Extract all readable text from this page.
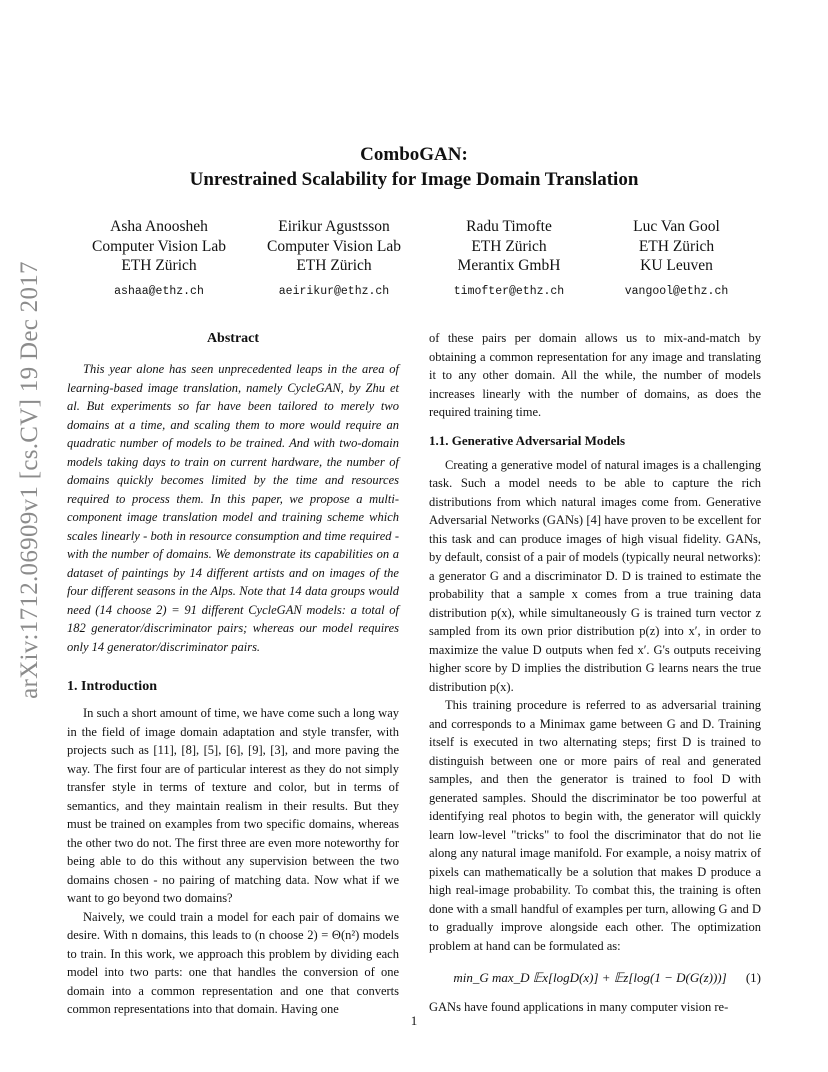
arXiv:1712.06909v1 [cs.CV] 19 Dec 2017
ComboGAN:
Unrestrained Scalability for Image Domain Translation
Asha Anoosheh
Computer Vision Lab
ETH Zürich
ashaa@ethz.ch
Eirikur Agustsson
Computer Vision Lab
ETH Zürich
aeirikur@ethz.ch
Radu Timofte
ETH Zürich
Merantix GmbH
timofter@ethz.ch
Luc Van Gool
ETH Zürich
KU Leuven
vangool@ethz.ch
Abstract

This year alone has seen unprecedented leaps in the area of learning-based image translation, namely CycleGAN, by Zhu et al. But experiments so far have been tailored to merely two domains at a time, and scaling them to more would require an quadratic number of models to be trained. And with two-domain models taking days to train on current hardware, the number of domains quickly becomes limited by the time and resources required to process them. In this paper, we propose a multi-component image translation model and training scheme which scales linearly - both in resource consumption and time required - with the number of domains. We demonstrate its capabilities on a dataset of paintings by 14 different artists and on images of the four different seasons in the Alps. Note that 14 data groups would need (14 choose 2) = 91 different CycleGAN models: a total of 182 generator/discriminator pairs; whereas our model requires only 14 generator/discriminator pairs.

1. Introduction

In such a short amount of time, we have come such a long way in the field of image domain adaptation and style transfer, with projects such as [11], [8], [5], [6], [9], [3], and more paving the way. The first four are of particular interest as they do not simply transfer style in terms of texture and color, but in terms of semantics, and they maintain realism in their results. But they must be trained on examples from two specific domains, whereas the other two do not. The first three are even more noteworthy for being able to do this without any supervision between the two domains chosen - no pairing of matching data. Now what if we want to go beyond two domains?

Naively, we could train a model for each pair of domains we desire. With n domains, this leads to (n choose 2) = Θ(n²) models to train. In this work, we approach this problem by dividing each model into two parts: one that handles the conversion of one domain into a common representation and one that converts common representations into that domain. Having one

of these pairs per domain allows us to mix-and-match by obtaining a common representation for any image and translating it to any other domain. All the while, the number of models increases linearly with the number of domains, as does the required training time.

1.1. Generative Adversarial Models

Creating a generative model of natural images is a challenging task. Such a model needs to be able to capture the rich distributions from which natural images come from. Generative Adversarial Networks (GANs) [4] have proven to be excellent for this task and can produce images of high visual fidelity. GANs, by default, consist of a pair of models (typically neural networks): a generator G and a discriminator D. D is trained to estimate the probability that a sample x comes from a true training data distribution p(x), while simultaneously G is trained turn vector z sampled from its own prior distribution p(z) into x′, in order to maximize the value D outputs when fed x′. G's outputs receiving higher score by D implies the distribution G learns nears the true distribution p(x).

This training procedure is referred to as adversarial training and corresponds to a Minimax game between G and D. Training itself is executed in two alternating steps; first D is trained to distinguish between one or more pairs of real and generated samples, and then the generator is trained to fool D with generated samples. Should the discriminator be too powerful at identifying real photos to begin with, the generator will quickly learn low-level "tricks" to fool the discriminator that do not lie along any natural image manifold. For example, a noisy matrix of pixels can mathematically be a solution that makes D produce a high real-image probability. To combat this, the training is often done with a small handful of examples per turn, allowing G and D to gradually improve alongside each other. The optimization problem at hand can be formulated as:

min_G max_D 𝔼x[logD(x)] + 𝔼z[log(1 − D(G(z)))]	(1)

GANs have found applications in many computer vision re-

1
